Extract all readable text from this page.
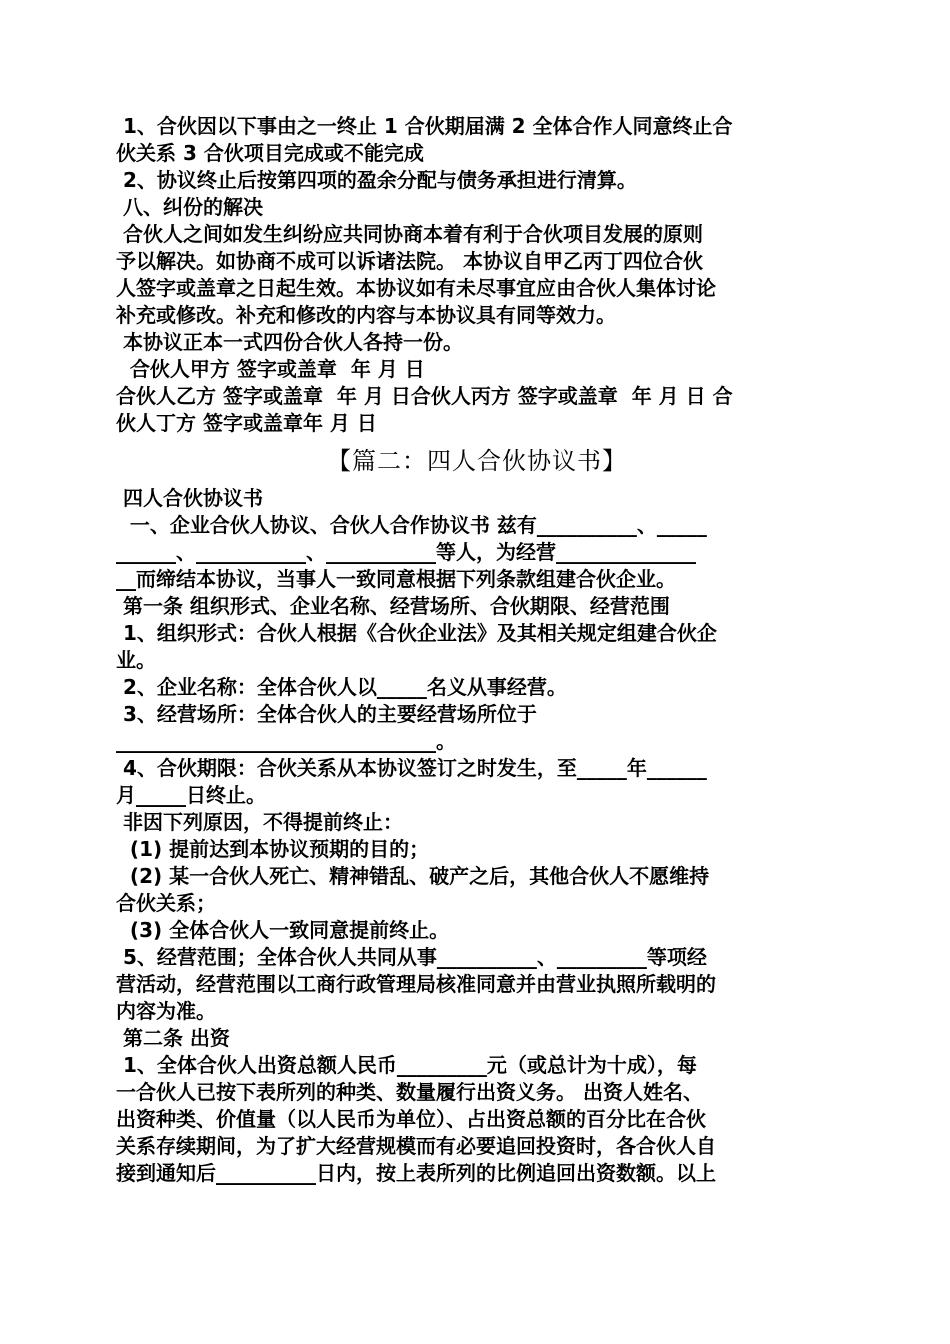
1、合伙因以下事由之一终止 1 合伙期届满 2 全体合作人同意终止合
伙关系 3 合伙项目完成或不能完成
2、协议终止后按第四项的盈余分配与债务承担进行清算。
八、纠份的解决
合伙人之间如发生纠纷应共同协商本着有利于合伙项目发展的原则
予以解决。如协商不成可以诉诸法院。 本协议自甲乙丙丁四位合伙
人签字或盖章之日起生效。本协议如有未尽事宜应由合伙人集体讨论
补充或修改。补充和修改的内容与本协议具有同等效力。
本协议正本一式四份合伙人各持一份。
合伙人甲方 签字或盖章  年 月 日
合伙人乙方 签字或盖章  年 月 日合伙人丙方 签字或盖章  年 月 日 合
伙人丁方 签字或盖章年 月 日
【篇二：四人合伙协议书】
四人合伙协议书
一、企业合伙人协议、合伙人合作协议书 兹有__________、_____
______、___________、___________等人，为经营______________
__而缔结本协议，当事人一致同意根据下列条款组建合伙企业。
第一条 组织形式、企业名称、经营场所、合伙期限、经营范围
1、组织形式：合伙人根据《合伙企业法》及其相关规定组建合伙企
业。
2、企业名称：全体合伙人以_____名义从事经营。
3、经营场所：全体合伙人的主要经营场所位于
________________________________。
4、合伙期限：合伙关系从本协议签订之时发生，至_____年______
月_____日终止。
非因下列原因，不得提前终止：
(1) 提前达到本协议预期的目的；
(2) 某一合伙人死亡、精神错乱、破产之后，其他合伙人不愿维持
合伙关系；
(3) 全体合伙人一致同意提前终止。
5、经营范围；全体合伙人共同从事__________、_________等项经
营活动，经营范围以工商行政管理局核准同意并由营业执照所载明的
内容为准。
第二条 出资
1、全体合伙人出资总额人民币_________元（或总计为十成），每
一合伙人已按下表所列的种类、数量履行出资义务。 出资人姓名、
出资种类、价值量（以人民币为单位）、占出资总额的百分比在合伙
关系存续期间，为了扩大经营规模而有必要追回投资时，各合伙人自
接到通知后__________日内，按上表所列的比例追回出资数额。以上
